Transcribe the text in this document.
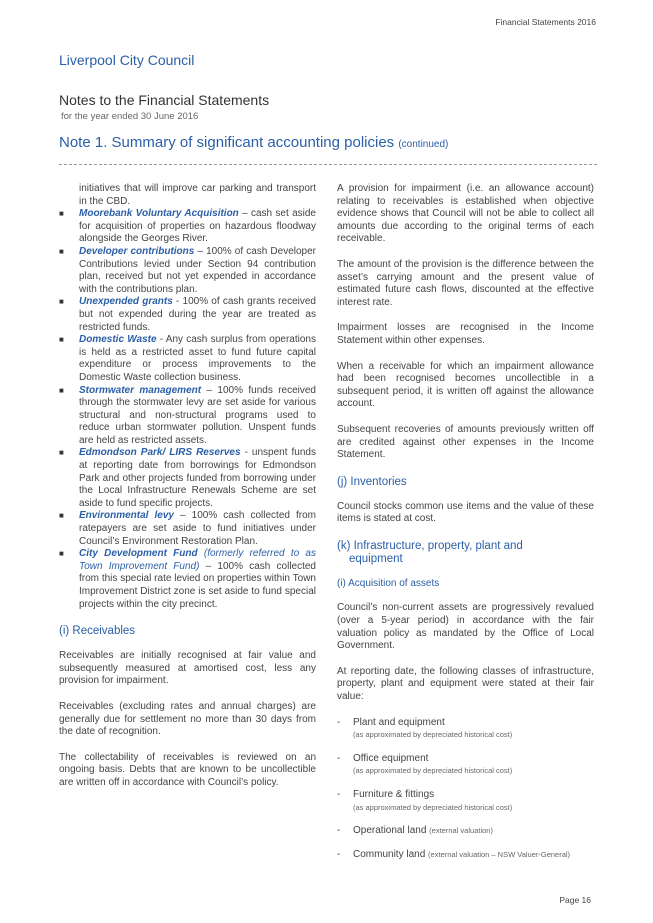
Financial Statements 2016
Liverpool City Council
Notes to the Financial Statements
for the year ended 30 June 2016
Note 1. Summary of significant accounting policies (continued)
initiatives that will improve car parking and transport in the CBD.
■ Moorebank Voluntary Acquisition – cash set aside for acquisition of properties on hazardous floodway alongside the Georges River.
■ Developer contributions – 100% of cash Developer Contributions levied under Section 94 contribution plan, received but not yet expended in accordance with the contributions plan.
■ Unexpended grants - 100% of cash grants received but not expended during the year are treated as restricted funds.
■ Domestic Waste - Any cash surplus from operations is held as a restricted asset to fund future capital expenditure or process improvements to the Domestic Waste collection business.
■ Stormwater management – 100% funds received through the stormwater levy are set aside for various structural and non-structural programs used to reduce urban stormwater pollution. Unspent funds are held as restricted assets.
■ Edmondson Park/ LIRS Reserves - unspent funds at reporting date from borrowings for Edmondson Park and other projects funded from borrowing under the Local Infrastructure Renewals Scheme are set aside to fund specific projects.
■ Environmental levy – 100% cash collected from ratepayers are set aside to fund initiatives under Council’s Environment Restoration Plan.
■ City Development Fund (formerly referred to as Town Improvement Fund) – 100% cash collected from this special rate levied on properties within Town Improvement District zone is set aside to fund special projects within the city precinct.
(i) Receivables

Receivables are initially recognised at fair value and subsequently measured at amortised cost, less any provision for impairment.

Receivables (excluding rates and annual charges) are generally due for settlement no more than 30 days from the date of recognition.

The collectability of receivables is reviewed on an ongoing basis. Debts that are known to be uncollectible are written off in accordance with Council’s policy.

A provision for impairment (i.e. an allowance account) relating to receivables is established when objective evidence shows that Council will not be able to collect all amounts due according to the original terms of each receivable.

The amount of the provision is the difference between the asset’s carrying amount and the present value of estimated future cash flows, discounted at the effective interest rate.

Impairment losses are recognised in the Income Statement within other expenses.

When a receivable for which an impairment allowance had been recognised becomes uncollectible in a subsequent period, it is written off against the allowance account.

Subsequent recoveries of amounts previously written off are credited against other expenses in the Income Statement.

(j) Inventories

Council stocks common use items and the value of these items is stated at cost.

(k) Infrastructure, property, plant and
equipment
(i) Acquisition of assets

Council’s non-current assets are progressively revalued (over a 5-year period) in accordance with the fair valuation policy as mandated by the Office of Local Government.

At reporting date, the following classes of infrastructure, property, plant and equipment were stated at their fair value:

- Plant and equipment
(as approximated by depreciated historical cost)
- Office equipment
(as approximated by depreciated historical cost)
- Furniture & fittings
(as approximated by depreciated historical cost)
- Operational land (external valuation)
- Community land (external valuation – NSW Valuer-General)
Page 16
